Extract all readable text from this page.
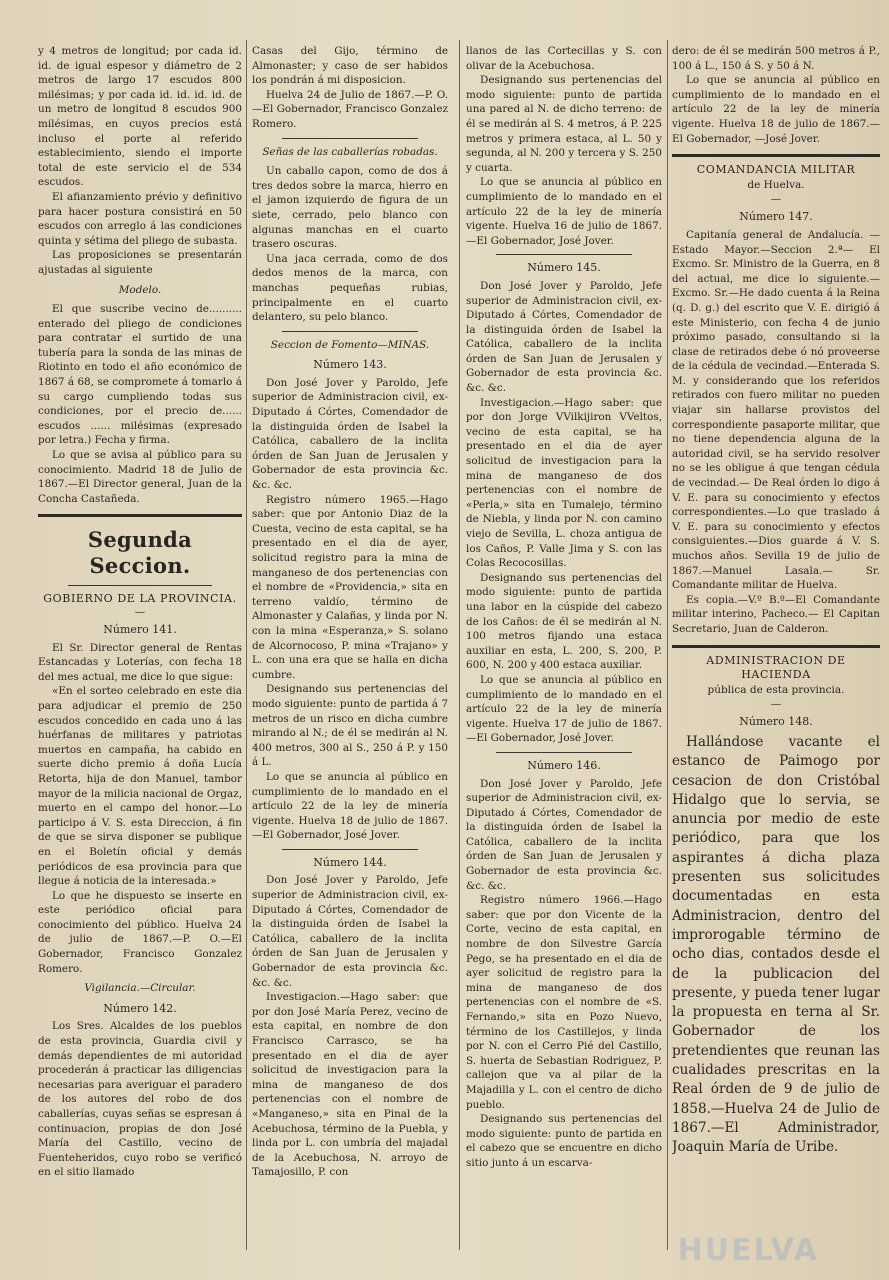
y 4 metros de longitud; por cada id. id. de igual espesor y diámetro de 2 metros de largo 17 escudos 800 milésimas; y por cada id. id. id. id. de un metro de longitud 8 escudos 900 milésimas, en cuyos precios está incluso el porte al referido establecimiento, siendo el importe total de este servicio el de 534 escudos.

El afianzamiento prévio y definitivo para hacer postura consistirá en 50 escudos con arreglo á las condiciones quinta y sétima del pliego de subasta.

Las proposiciones se presentarán ajustadas al siguiente

Modelo.

El que suscribe vecino de.......... enterado del pliego de condiciones para contratar el surtido de una tubería para la sonda de las minas de Riotinto en todo el año económico de 1867 á 68, se compromete á tomarlo á su cargo cumpliendo todas sus condiciones, por el precio de...... escudos ...... milésimas (expresado por letra.) Fecha y firma.

Lo que se avisa al público para su conocimiento. Madrid 18 de Julio de 1867.—El Director general, Juan de la Concha Castañeda.

Segunda Seccion.
GOBIERNO DE LA PROVINCIA.
—
Número 141.

El Sr. Director general de Rentas Estancadas y Loterías, con fecha 18 del mes actual, me dice lo que sigue:

«En el sorteo celebrado en este dia para adjudicar el premio de 250 escudos concedido en cada uno á las huérfanas de militares y patriotas muertos en campaña, ha cabido en suerte dicho premio á doña Lucía Retorta, hija de don Manuel, tambor mayor de la milicia nacional de Orgaz, muerto en el campo del honor.—Lo participo á V. S. esta Direccion, á fin de que se sirva disponer se publique en el Boletín oficial y demás periódicos de esa provincia para que llegue á noticia de la interesada.»

Lo que he dispuesto se inserte en este periódico oficial para conocimiento del público. Huelva 24 de julio de 1867.—P. O.—El Gobernador, Francisco Gonzalez Romero.

Vigilancia.—Circular.

Número 142.

Los Sres. Alcaldes de los pueblos de esta provincia, Guardia civil y demás dependientes de mi autoridad procederán á practicar las diligencias necesarias para averiguar el paradero de los autores del robo de dos caballerías, cuyas señas se espresan á continuacion, propias de don José María del Castillo, vecino de Fuenteheridos, cuyo robo se verificó en el sitio llamado

Casas del Gijo, término de Almonaster; y caso de ser habidos los pondrán á mi disposicion.

Huelva 24 de Julio de 1867.—P. O.—El Gobernador, Francisco Gonzalez Romero.

Señas de las caballerías robadas.

Un caballo capon, como de dos á tres dedos sobre la marca, hierro en el jamon izquierdo de figura de un siete, cerrado, pelo blanco con algunas manchas en el cuarto trasero oscuras.

Una jaca cerrada, como de dos dedos menos de la marca, con manchas pequeñas rubias, principalmente en el cuarto delantero, su pelo blanco.

Seccion de Fomento—MINAS.

Número 143.

Don José Jover y Paroldo, Jefe superior de Administracion civil, ex-Diputado á Córtes, Comendador de la distinguida órden de Isabel la Católica, caballero de la inclita órden de San Juan de Jerusalen y Gobernador de esta provincia &c. &c. &c.

Registro número 1965.—Hago saber: que por Antonio Diaz de la Cuesta, vecino de esta capital, se ha presentado en el dia de ayer, solicitud registro para la mina de manganeso de dos pertenencias con el nombre de «Providencia,» sita en terreno valdío, término de Almonaster y Calañas, y linda por N. con la mina «Esperanza,» S. solano de Alcornocoso, P. mina «Trajano» y L. con una era que se halla en dicha cumbre.

Designando sus pertenencias del modo siguiente: punto de partida á 7 metros de un risco en dicha cumbre mirando al N.; de él se medirán al N. 400 metros, 300 al S., 250 á P. y 150 á L.

Lo que se anuncia al público en cumplimiento de lo mandado en el artículo 22 de la ley de minería vigente. Huelva 18 de julio de 1867.—El Gobernador, José Jover.

Número 144.

Don José Jover y Paroldo, Jefe superior de Administracion civil, ex-Diputado á Córtes, Comendador de la distinguida órden de Isabel la Católica, caballero de la inclita órden de San Juan de Jerusalen y Gobernador de esta provincia &c. &c. &c.

Investigacion.—Hago saber: que por don José María Perez, vecino de esta capital, en nombre de don Francisco Carrasco, se ha presentado en el dia de ayer solicitud de investigacion para la mina de manganeso de dos pertenencias con el nombre de «Manganeso,» sita en Pinal de la Acebuchosa, término de la Puebla, y linda por L. con umbría del majadal de la Acebuchosa, N. arroyo de Tamajosillo, P. con

llanos de las Cortecillas y S. con olivar de la Acebuchosa.

Designando sus pertenencias del modo siguiente: punto de partida una pared al N. de dicho terreno: de él se medirán al S. 4 metros, á P. 225 metros y primera estaca, al L. 50 y segunda, al N. 200 y tercera y S. 250 y cuarta.

Lo que se anuncia al público en cumplimiento de lo mandado en el artículo 22 de la ley de minería vigente. Huelva 16 de julio de 1867.—El Gobernador, José Jover.

Número 145.

Don José Jover y Paroldo, Jefe superior de Administracion civil, ex-Diputado á Córtes, Comendador de la distinguida órden de Isabel la Católica, caballero de la inclita órden de San Juan de Jerusalen y Gobernador de esta provincia &c. &c. &c.

Investigacion.—Hago saber: que por don Jorge VVilkijiron VVeltos, vecino de esta capital, se ha presentado en el dia de ayer solicitud de investigacion para la mina de manganeso de dos pertenencias con el nombre de «Perla,» sita en Tumalejo, término de Niebla, y linda por N. con camino viejo de Sevilla, L. choza antigua de los Caños, P. Valle Jima y S. con las Colas Recocosillas.

Designando sus pertenencias del modo siguiente: punto de partida una labor en la cúspide del cabezo de los Caños: de él se medirán al N. 100 metros fijando una estaca auxiliar en esta, L. 200, S. 200, P. 600, N. 200 y 400 estaca auxiliar.

Lo que se anuncia al público en cumplimiento de lo mandado en el artículo 22 de la ley de minería vigente. Huelva 17 de julio de 1867.—El Gobernador, José Jover.

Número 146.

Don José Jover y Paroldo, Jefe superior de Administracion civil, ex-Diputado á Córtes, Comendador de la distinguida órden de Isabel la Católica, caballero de la inclita órden de San Juan de Jerusalen y Gobernador de esta provincia &c. &c. &c.

Registro número 1966.—Hago saber: que por don Vicente de la Corte, vecino de esta capital, en nombre de don Silvestre García Pego, se ha presentado en el dia de ayer solicitud de registro para la mina de manganeso de dos pertenencias con el nombre de «S. Fernando,» sita en Pozo Nuevo, término de los Castillejos, y linda por N. con el Cerro Pié del Castillo, S. huerta de Sebastian Rodriguez, P. callejon que va al pilar de la Majadilla y L. con el centro de dicho pueblo.

Designando sus pertenencias del modo siguiente: punto de partida en el cabezo que se encuentre en dicho sitio junto á un escarva-

dero: de él se medirán 500 metros á P., 100 á L., 150 á S. y 50 á N.

Lo que se anuncia al público en cumplimiento de lo mandado en el artículo 22 de la ley de minería vigente. Huelva 18 de julio de 1867.—El Gobernador, —José Jover.

COMANDANCIA MILITAR
de Huelva.
—
Número 147.

Capitanía general de Andalucía. —Estado Mayor.—Seccion 2.ª— El Excmo. Sr. Ministro de la Guerra, en 8 del actual, me dice lo siguiente.—Excmo. Sr.—He dado cuenta á la Reina (q. D. g.) del escrito que V. E. dirigió á este Ministerio, con fecha 4 de junio próximo pasado, consultando si la clase de retirados debe ó nó proveerse de la cédula de vecindad.—Enterada S. M. y considerando que los referidos retirados con fuero militar no pueden viajar sin hallarse provistos del correspondiente pasaporte militar, que no tiene dependencia alguna de la autoridad civil, se ha servido resolver no se les obligue á que tengan cédula de vecindad.— De Real órden lo digo á V. E. para su conocimiento y efectos correspondientes.—Lo que traslado á V. E. para su conocimiento y efectos consiguientes.—Dios guarde á V. S. muchos años. Sevilla 19 de julio de 1867.—Manuel Lasala.— Sr. Comandante militar de Huelva.

Es copia.—V.º B.º—El Comandante militar interino, Pacheco.— El Capitan Secretario, Juan de Calderon.

ADMINISTRACION DE HACIENDA
pública de esta provincia.
—
Número 148.

Hallándose vacante el estanco de Paimogo por cesacion de don Cristóbal Hidalgo que lo servia, se anuncia por medio de este periódico, para que los aspirantes á dicha plaza presenten sus solicitudes documentadas en esta Administracion, dentro del improrogable término de ocho dias, contados desde el de la publicacion del presente, y pueda tener lugar la propuesta en terna al Sr. Gobernador de los pretendientes que reunan las cualidades prescritas en la Real órden de 9 de julio de 1858.—Huelva 24 de Julio de 1867.—El Administrador, Joaquin María de Uribe.

HUELVA
